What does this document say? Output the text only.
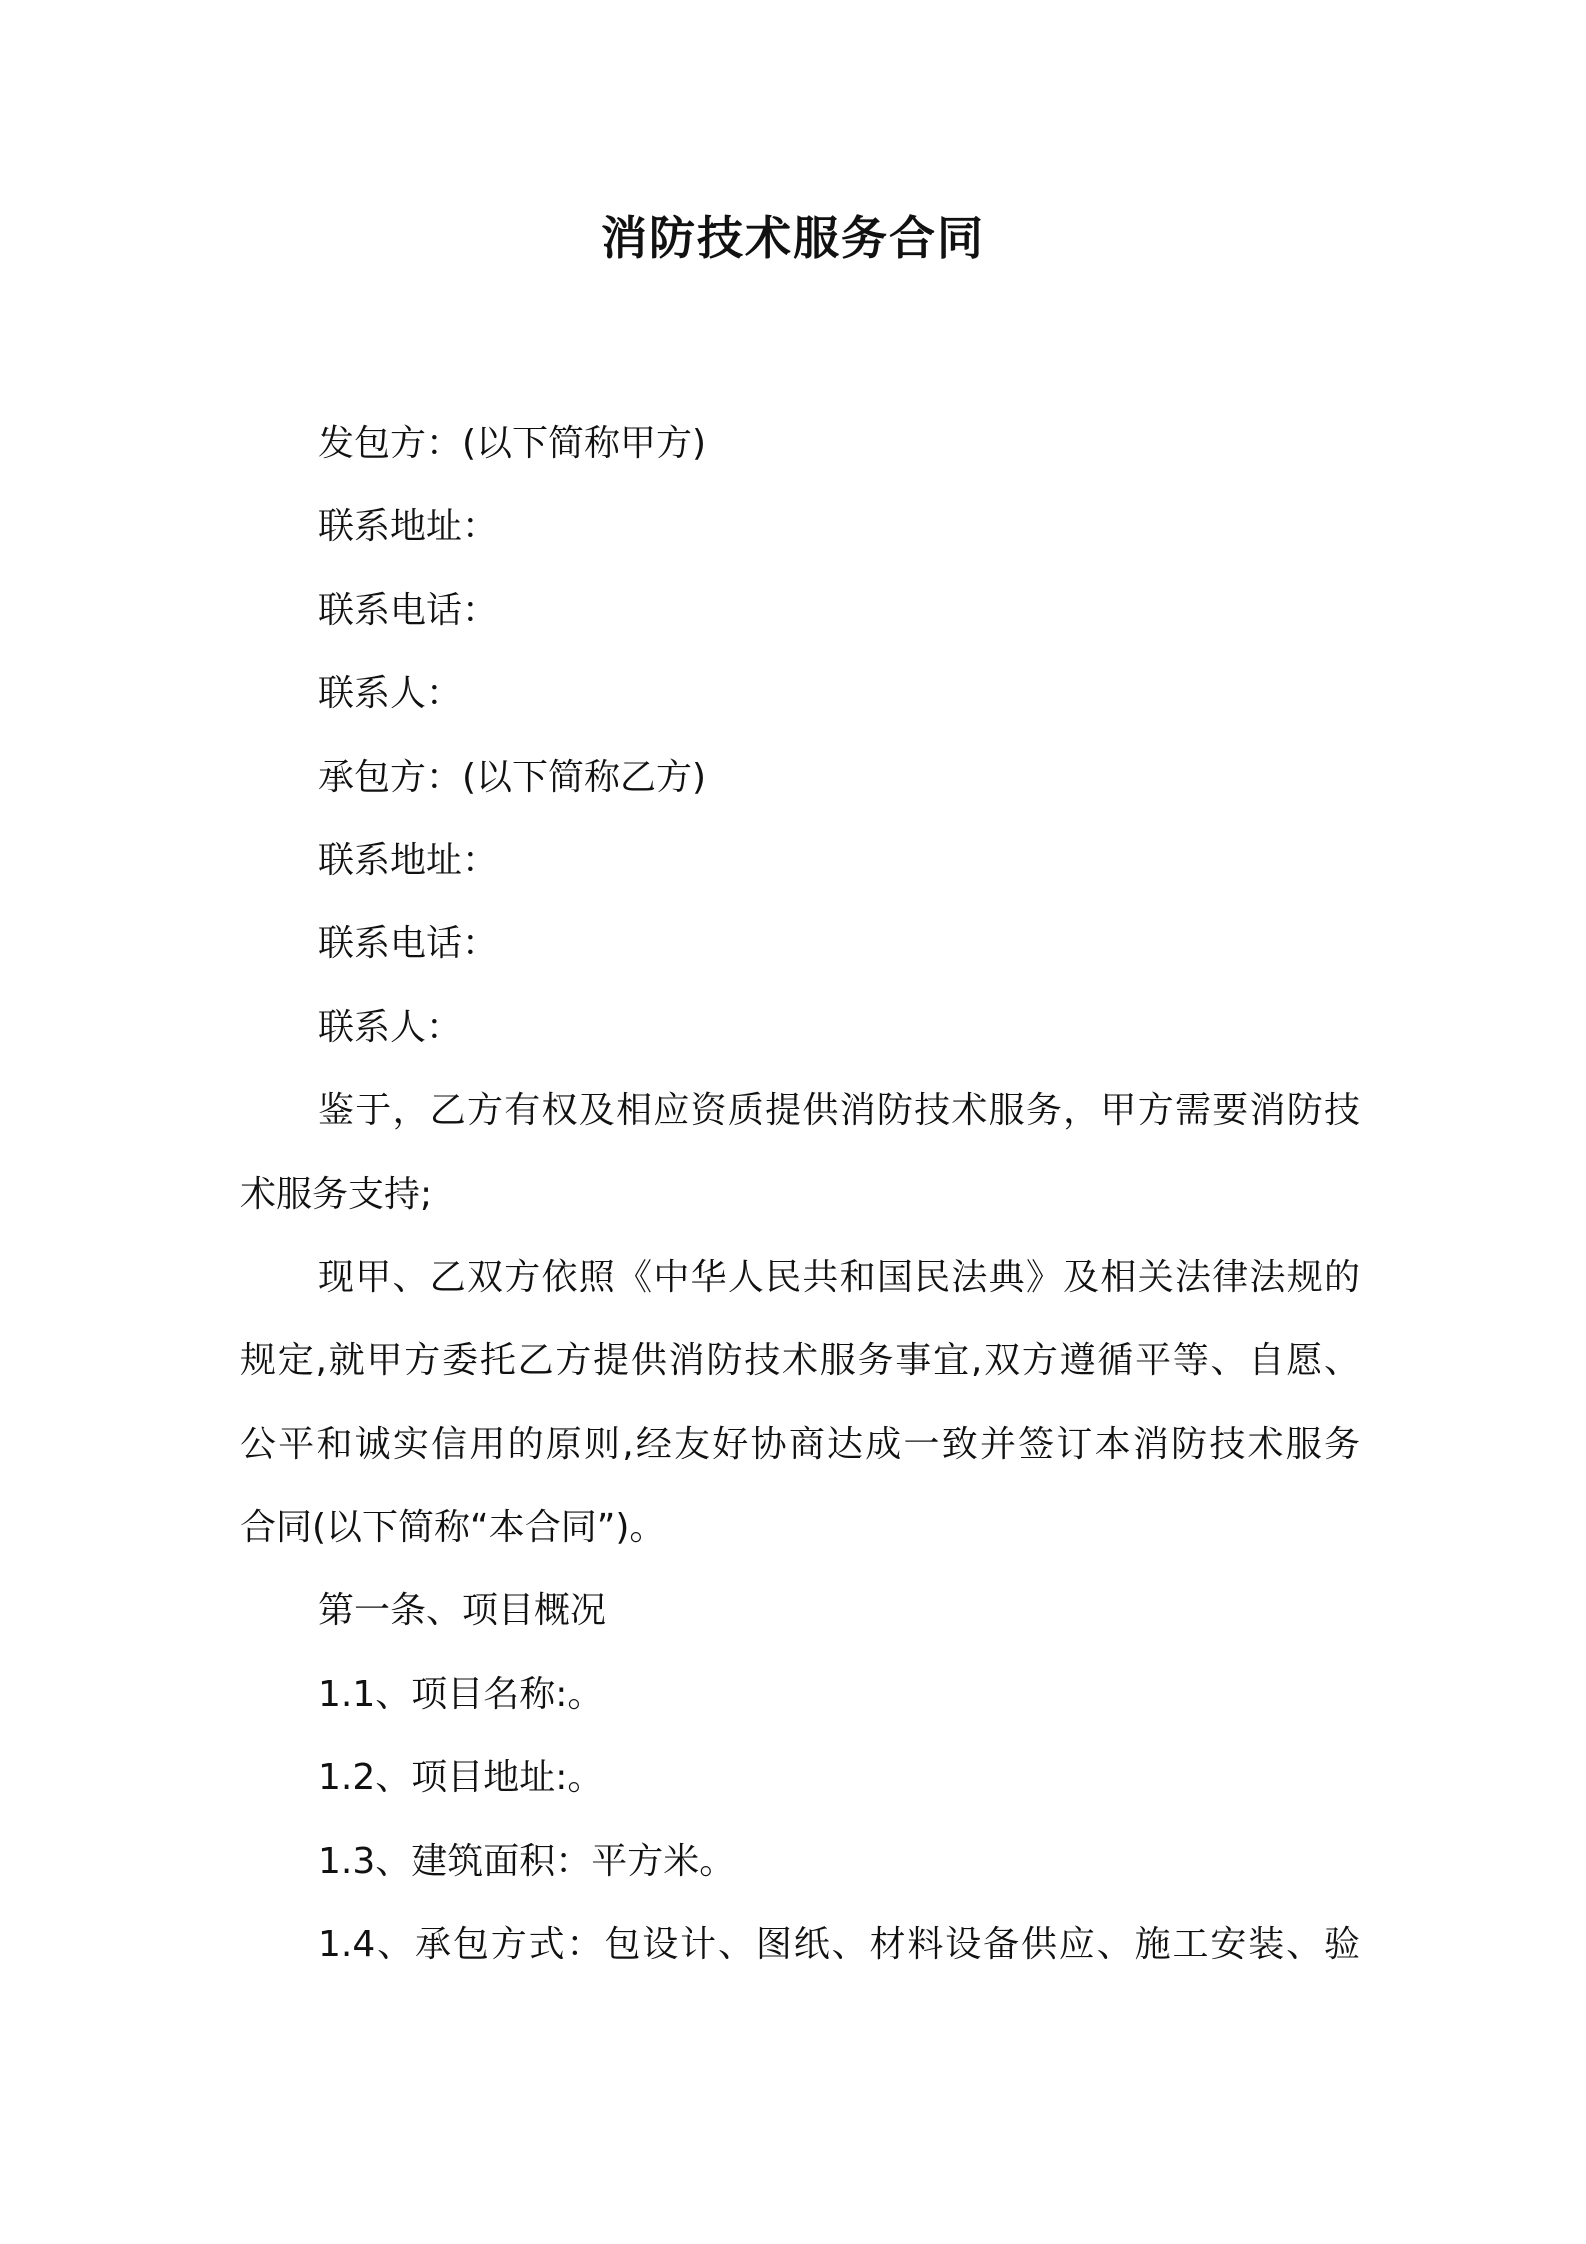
消防技术服务合同
发包方：(以下简称甲方)
联系地址：
联系电话：
联系人：
承包方：(以下简称乙方)
联系地址：
联系电话：
联系人：
鉴于，乙方有权及相应资质提供消防技术服务，甲方需要消防技
术服务支持;
现甲、乙双方依照《中华人民共和国民法典》及相关法律法规的
规定,就甲方委托乙方提供消防技术服务事宜,双方遵循平等、自愿、
公平和诚实信用的原则,经友好协商达成一致并签订本消防技术服务
合同(以下简称“本合同”)。
第一条、项目概况
1.1、项目名称:。
1.2、项目地址:。
1.3、建筑面积：平方米。
1.4、承包方式：包设计、图纸、材料设备供应、施工安装、验
